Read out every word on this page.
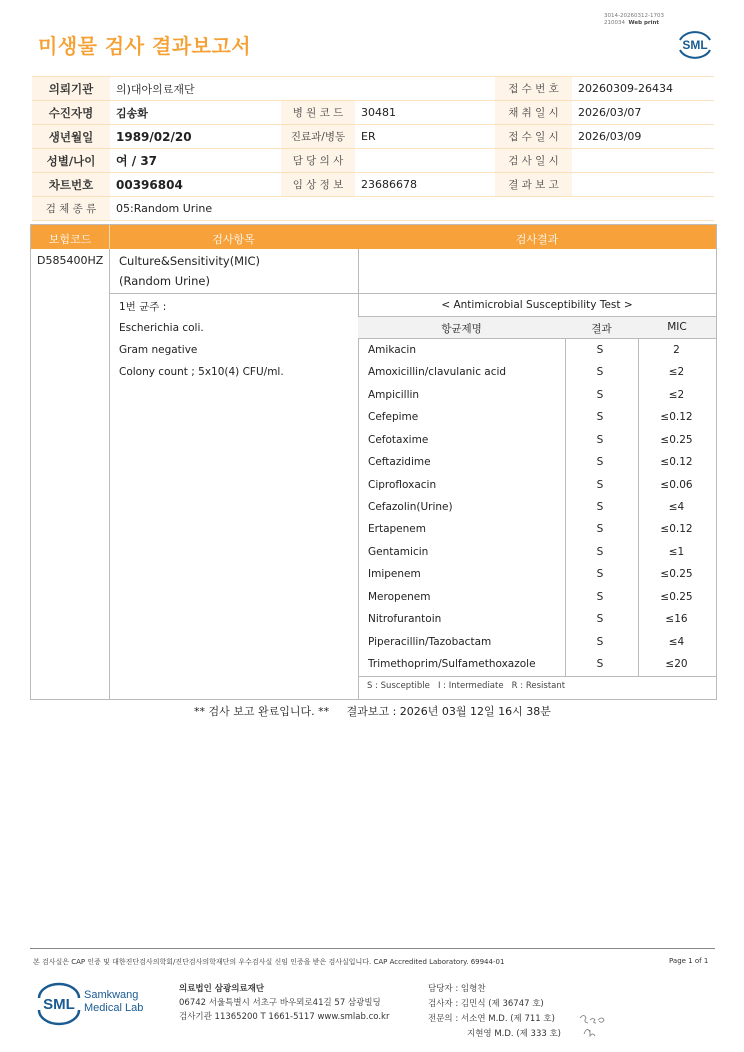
미생물 검사 결과보고서
3014-20260312-1703
210034 Web print
SML
의뢰기관	의)대아의료재단			접 수 번 호	20260309-26434
수진자명	김송화	병 원 코 드	30481	채 취 일 시	2026/03/07
생년월일	1989/02/20	진료과/병동	ER	접 수 일 시	2026/03/09
성별/나이	여 / 37	담 당 의 사		검 사 일 시	
차트번호	00396804	임 상 정 보	23686678	결 과 보 고	
검 체 종 류	05:Random Urine				
보험코드	검사항목	검사결과
D585400HZ Culture&Sensitivity(MIC)
(Random Urine)
1번 균주 :
Escherichia coli.
Gram negative
Colony count ; 5x10(4) CFU/ml.
< Antimicrobial Susceptibility Test >
항균제명	결과	MIC
Amikacin	S	2
Amoxicillin/clavulanic acid	S	≤2
Ampicillin	S	≤2
Cefepime	S	≤0.12
Cefotaxime	S	≤0.25
Ceftazidime	S	≤0.12
Ciprofloxacin	S	≤0.06
Cefazolin(Urine)	S	≤4
Ertapenem	S	≤0.12
Gentamicin	S	≤1
Imipenem	S	≤0.25
Meropenem	S	≤0.25
Nitrofurantoin	S	≤16
Piperacillin/Tazobactam	S	≤4
Trimethoprim/Sulfamethoxazole	S	≤20
S : Susceptible   I : Intermediate   R : Resistant
** 검사 보고 완료입니다. ** 결과보고 : 2026년 03월 12일 16시 38분
본 검사실은 CAP 인증 및 대한진단검사의학회/진단검사의학재단의 우수검사실 신임 인증을 받은 검사실입니다. CAP Accredited Laboratory. 69944-01	Page 1 of 1
SML
Samkwang
Medical Lab
의료법인 삼광의료재단
06742 서울특별시 서초구 바우뫼로41길 57 삼광빌딩
검사기관 11365200 T 1661-5117 www.smlab.co.kr
담당자 : 임형찬
검사자 : 김민식 (제 36747 호)
전문의 : 서소연 M.D. (제 711 호)
지현영 M.D. (제 333 호)
